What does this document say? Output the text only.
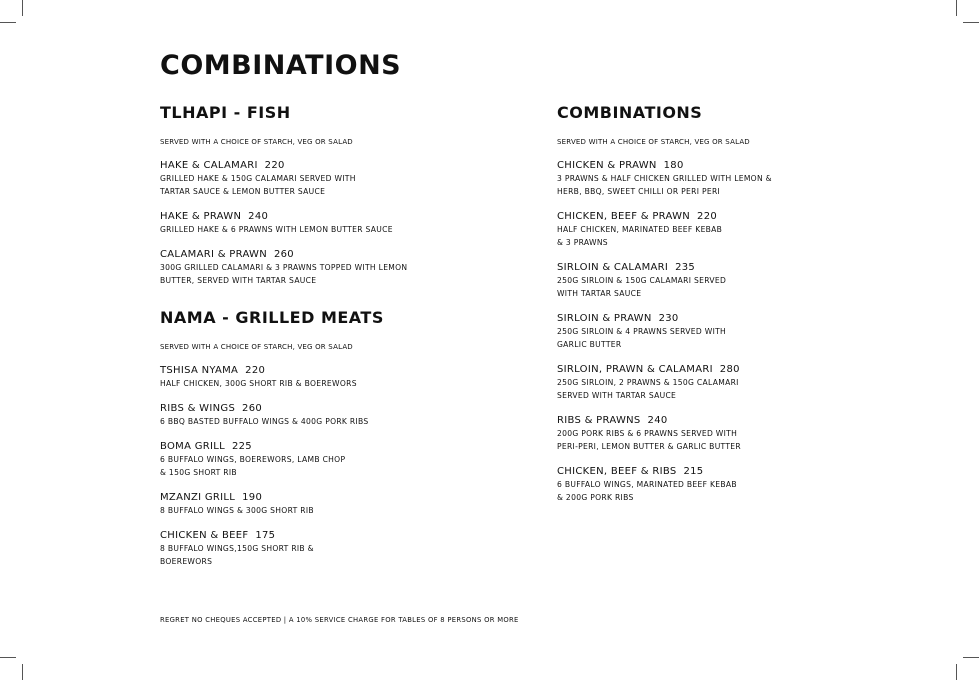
COMBINATIONS
TLHAPI - FISH
SERVED WITH A CHOICE OF STARCH, VEG OR SALAD
HAKE & CALAMARI  220
GRILLED HAKE & 150G CALAMARI SERVED WITH
TARTAR SAUCE & LEMON BUTTER SAUCE
HAKE & PRAWN  240
GRILLED HAKE & 6 PRAWNS WITH LEMON BUTTER SAUCE
CALAMARI & PRAWN  260
300G GRILLED CALAMARI & 3 PRAWNS TOPPED WITH LEMON
BUTTER, SERVED WITH TARTAR SAUCE
NAMA - GRILLED MEATS
SERVED WITH A CHOICE OF STARCH, VEG OR SALAD
TSHISA NYAMA  220
HALF CHICKEN, 300G SHORT RIB & BOEREWORS
RIBS & WINGS  260
6 BBQ BASTED BUFFALO WINGS & 400G PORK RIBS
BOMA GRILL  225
6 BUFFALO WINGS, BOEREWORS, LAMB CHOP
& 150G SHORT RIB
MZANZI GRILL  190
8 BUFFALO WINGS & 300G SHORT RIB
CHICKEN & BEEF  175
8 BUFFALO WINGS,150G SHORT RIB &
BOEREWORS
COMBINATIONS
SERVED WITH A CHOICE OF STARCH, VEG OR SALAD
CHICKEN & PRAWN  180
3 PRAWNS & HALF CHICKEN GRILLED WITH LEMON &
HERB, BBQ, SWEET CHILLI OR PERI PERI
CHICKEN, BEEF & PRAWN  220
HALF CHICKEN, MARINATED BEEF KEBAB
& 3 PRAWNS
SIRLOIN & CALAMARI  235
250G SIRLOIN & 150G CALAMARI SERVED
WITH TARTAR SAUCE
SIRLOIN & PRAWN  230
250G SIRLOIN & 4 PRAWNS SERVED WITH
GARLIC BUTTER
SIRLOIN, PRAWN & CALAMARI  280
250G SIRLOIN, 2 PRAWNS & 150G CALAMARI
SERVED WITH TARTAR SAUCE
RIBS & PRAWNS  240
200G PORK RIBS & 6 PRAWNS SERVED WITH
PERI-PERI, LEMON BUTTER & GARLIC BUTTER
CHICKEN, BEEF & RIBS  215
6 BUFFALO WINGS, MARINATED BEEF KEBAB
& 200G PORK RIBS
REGRET NO CHEQUES ACCEPTED | A 10% SERVICE CHARGE FOR TABLES OF 8 PERSONS OR MORE
